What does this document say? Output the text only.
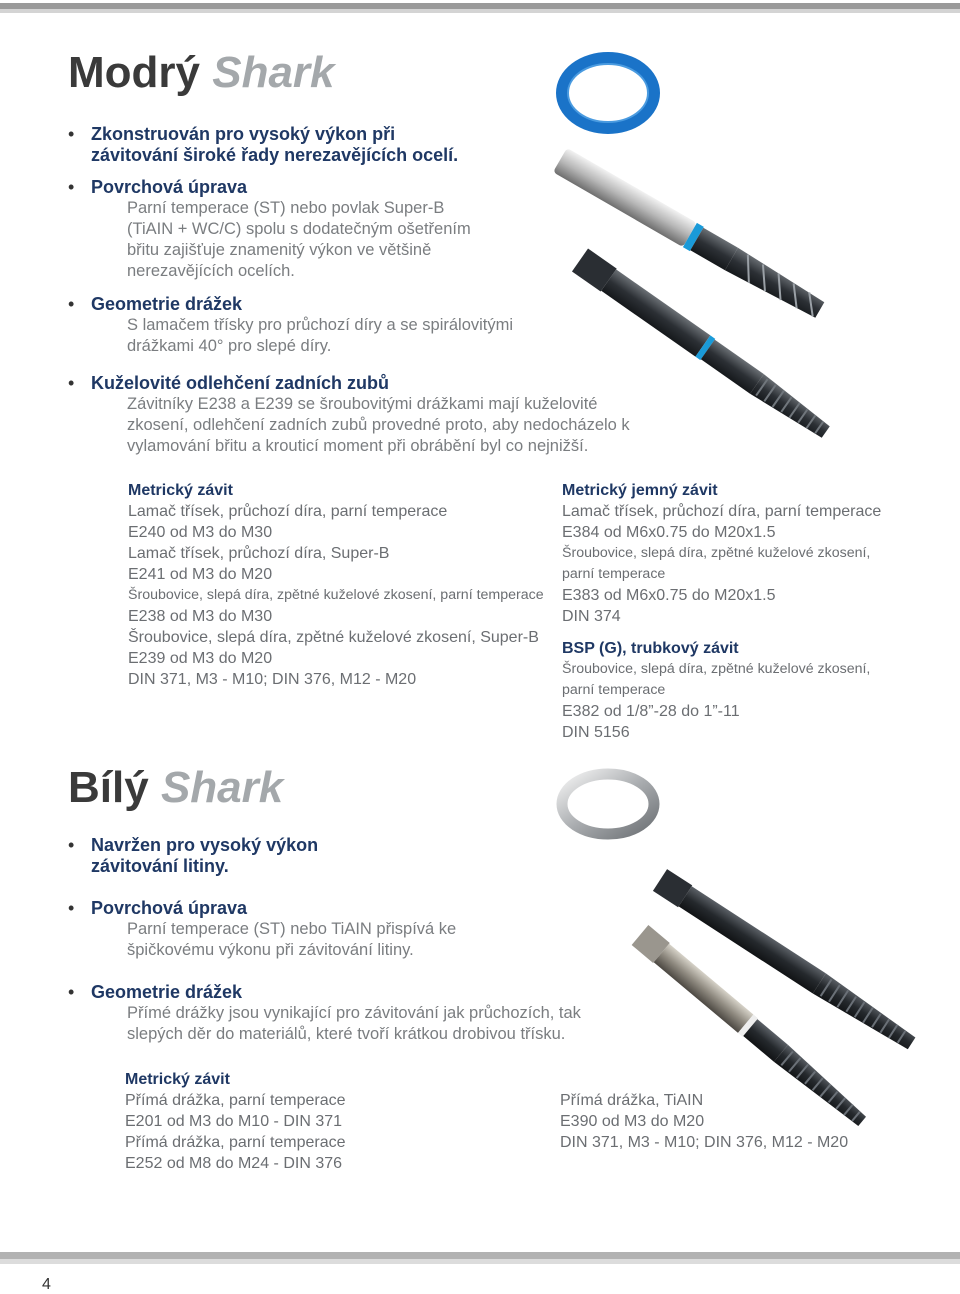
4
Modrý Shark
• Zkonstruován pro vysoký výkon při
závitování široké řady nerezavějících ocelí.
• Povrchová úprava
Parní temperace (ST) nebo povlak Super-B
(TiAIN + WC/C) spolu s dodatečným ošetřením
břitu zajišťuje znamenitý výkon ve většině
nerezavějících ocelích.
• Geometrie drážek
S lamačem třísky pro průchozí díry a se spirálovitými
drážkami 40° pro slepé díry.
• Kuželovité odlehčení zadních zubů
Závitníky E238 a E239 se šroubovitými drážkami mají kuželovité
zkosení, odlehčení zadních zubů provedné proto, aby nedocházelo k
vylamování břitu a krouticí moment při obrábění byl co nejnižší.
Metrický závit
Lamač třísek, průchozí díra, parní temperace
E240 od M3 do M30
Lamač třísek, průchozí díra, Super-B
E241 od M3 do M20
Šroubovice, slepá díra, zpětné kuželové zkosení, parní temperace
E238 od M3 do M30
Šroubovice, slepá díra, zpětné kuželové zkosení, Super-B
E239 od M3 do M20
DIN 371, M3 - M10; DIN 376, M12 - M20
Metrický jemný závit
Lamač třísek, průchozí díra, parní temperace
E384 od M6x0.75 do M20x1.5
Šroubovice, slepá díra, zpětné kuželové zkosení,
parní temperace
E383 od M6x0.75 do M20x1.5
DIN 374
BSP (G), trubkový závit
Šroubovice, slepá díra, zpětné kuželové zkosení,
parní temperace
E382 od 1/8”-28 do 1”-11
DIN 5156
Bílý Shark
• Navržen pro vysoký výkon
závitování litiny.
• Povrchová úprava
Parní temperace (ST) nebo TiAIN přispívá ke
špičkovému výkonu při závitování litiny.
• Geometrie drážek
Přímé drážky jsou vynikající pro závitování jak průchozích, tak
slepých děr do materiálů, které tvoří krátkou drobivou třísku.
Metrický závit
Přímá drážka, parní temperace
E201 od M3 do M10 - DIN 371
Přímá drážka, parní temperace
E252 od M8 do M24 - DIN 376
Přímá drážka, TiAIN
E390 od M3 do M20
DIN 371, M3 - M10; DIN 376, M12 - M20
